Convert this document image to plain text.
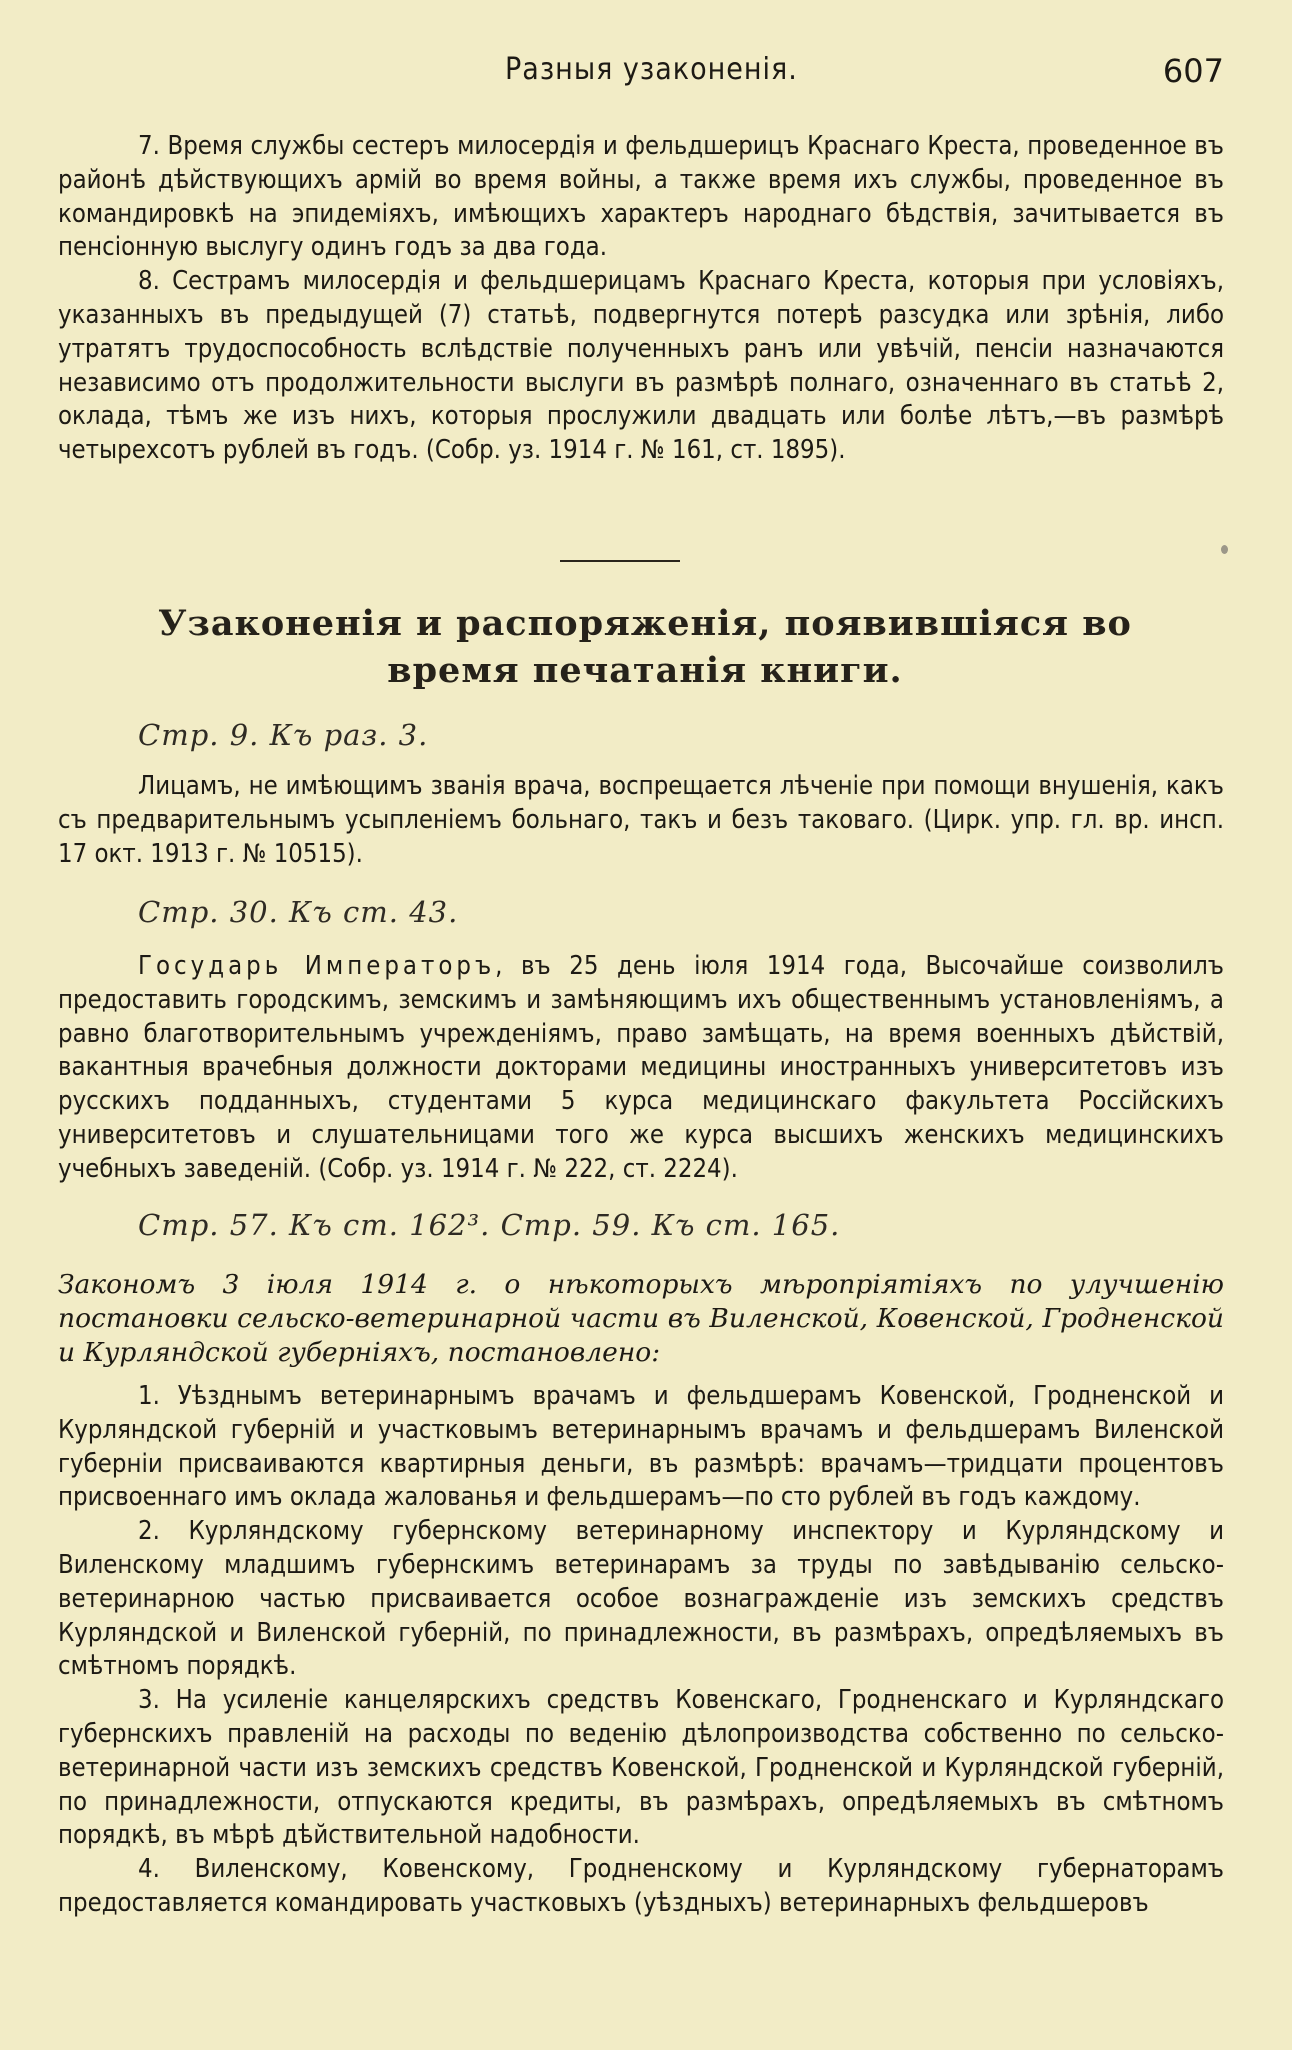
Разныя узаконенія.	607

7. Время службы сестеръ милосердія и фельдшерицъ Краснаго Креста, проведенное въ районѣ дѣйствующихъ армій во время войны, а также время ихъ службы, проведенное въ командировкѣ на эпидеміяхъ, имѣющихъ характеръ народнаго бѣдствія, зачитывается въ пенсіонную выслугу одинъ годъ за два года.

8. Сестрамъ милосердія и фельдшерицамъ Краснаго Креста, которыя при условіяхъ, указанныхъ въ предыдущей (7) статьѣ, подвергнутся потерѣ разсудка или зрѣнія, либо утратятъ трудоспособность вслѣдствіе полученныхъ ранъ или увѣчій, пенсіи назначаются независимо отъ продолжительности выслуги въ размѣрѣ полнаго, означеннаго въ статьѣ 2, оклада, тѣмъ же изъ нихъ, которыя прослужили двадцать или болѣе лѣтъ,—въ размѣрѣ четырехсотъ рублей въ годъ. (Собр. уз. 1914 г. № 161, ст. 1895).

Узаконенія и распоряженія, появившіяся во время печатанія книги.
Стр. 9. Къ раз. 3.

Лицамъ, не имѣющимъ званія врача, воспрещается лѣченіе при помощи внушенія, какъ съ предварительнымъ усыпленіемъ больнаго, такъ и безъ таковаго. (Цирк. упр. гл. вр. инсп. 17 окт. 1913 г. № 10515).

Стр. 30. Къ ст. 43.

Государь Императоръ, въ 25 день іюля 1914 года, Высочайше соизволилъ предоставить городскимъ, земскимъ и замѣняющимъ ихъ общественнымъ установленіямъ, а равно благотворительнымъ учрежденіямъ, право замѣщать, на время военныхъ дѣйствій, вакантныя врачебныя должности докторами медицины иностранныхъ университетовъ изъ русскихъ подданныхъ, студентами 5 курса медицинскаго факультета Россійскихъ университетовъ и слушательницами того же курса высшихъ женскихъ медицинскихъ учебныхъ заведеній. (Собр. уз. 1914 г. № 222, ст. 2224).

Стр. 57. Къ ст. 162³. Стр. 59. Къ ст. 165.
Закономъ 3 іюля 1914 г. о нѣкоторыхъ мѣропріятіяхъ по улучшенію постановки сельско-ветеринарной части въ Виленской, Ковенской, Гродненской и Курляндской губерніяхъ, постановлено:

1. Уѣзднымъ ветеринарнымъ врачамъ и фельдшерамъ Ковенской, Гродненской и Курляндской губерній и участковымъ ветеринарнымъ врачамъ и фельдшерамъ Виленской губерніи присваиваются квартирныя деньги, въ размѣрѣ: врачамъ—тридцати процентовъ присвоеннаго имъ оклада жалованья и фельдшерамъ—по сто рублей въ годъ каждому.

2. Курляндскому губернскому ветеринарному инспектору и Курляндскому и Виленскому младшимъ губернскимъ ветеринарамъ за труды по завѣдыванію сельско-ветеринарною частью присваивается особое вознагражденіе изъ земскихъ средствъ Курляндской и Виленской губерній, по принадлежности, въ размѣрахъ, опредѣляемыхъ въ смѣтномъ порядкѣ.

3. На усиленіе канцелярскихъ средствъ Ковенскаго, Гродненскаго и Курляндскаго губернскихъ правленій на расходы по веденію дѣлопроизводства собственно по сельско-ветеринарной части изъ земскихъ средствъ Ковенской, Гродненской и Курляндской губерній, по принадлежности, отпускаются кредиты, въ размѣрахъ, опредѣляемыхъ въ смѣтномъ порядкѣ, въ мѣрѣ дѣйствительной надобности.

4. Виленскому, Ковенскому, Гродненскому и Курляндскому губернаторамъ предоставляется командировать участковыхъ (уѣздныхъ) ветеринарныхъ фельдшеровъ
